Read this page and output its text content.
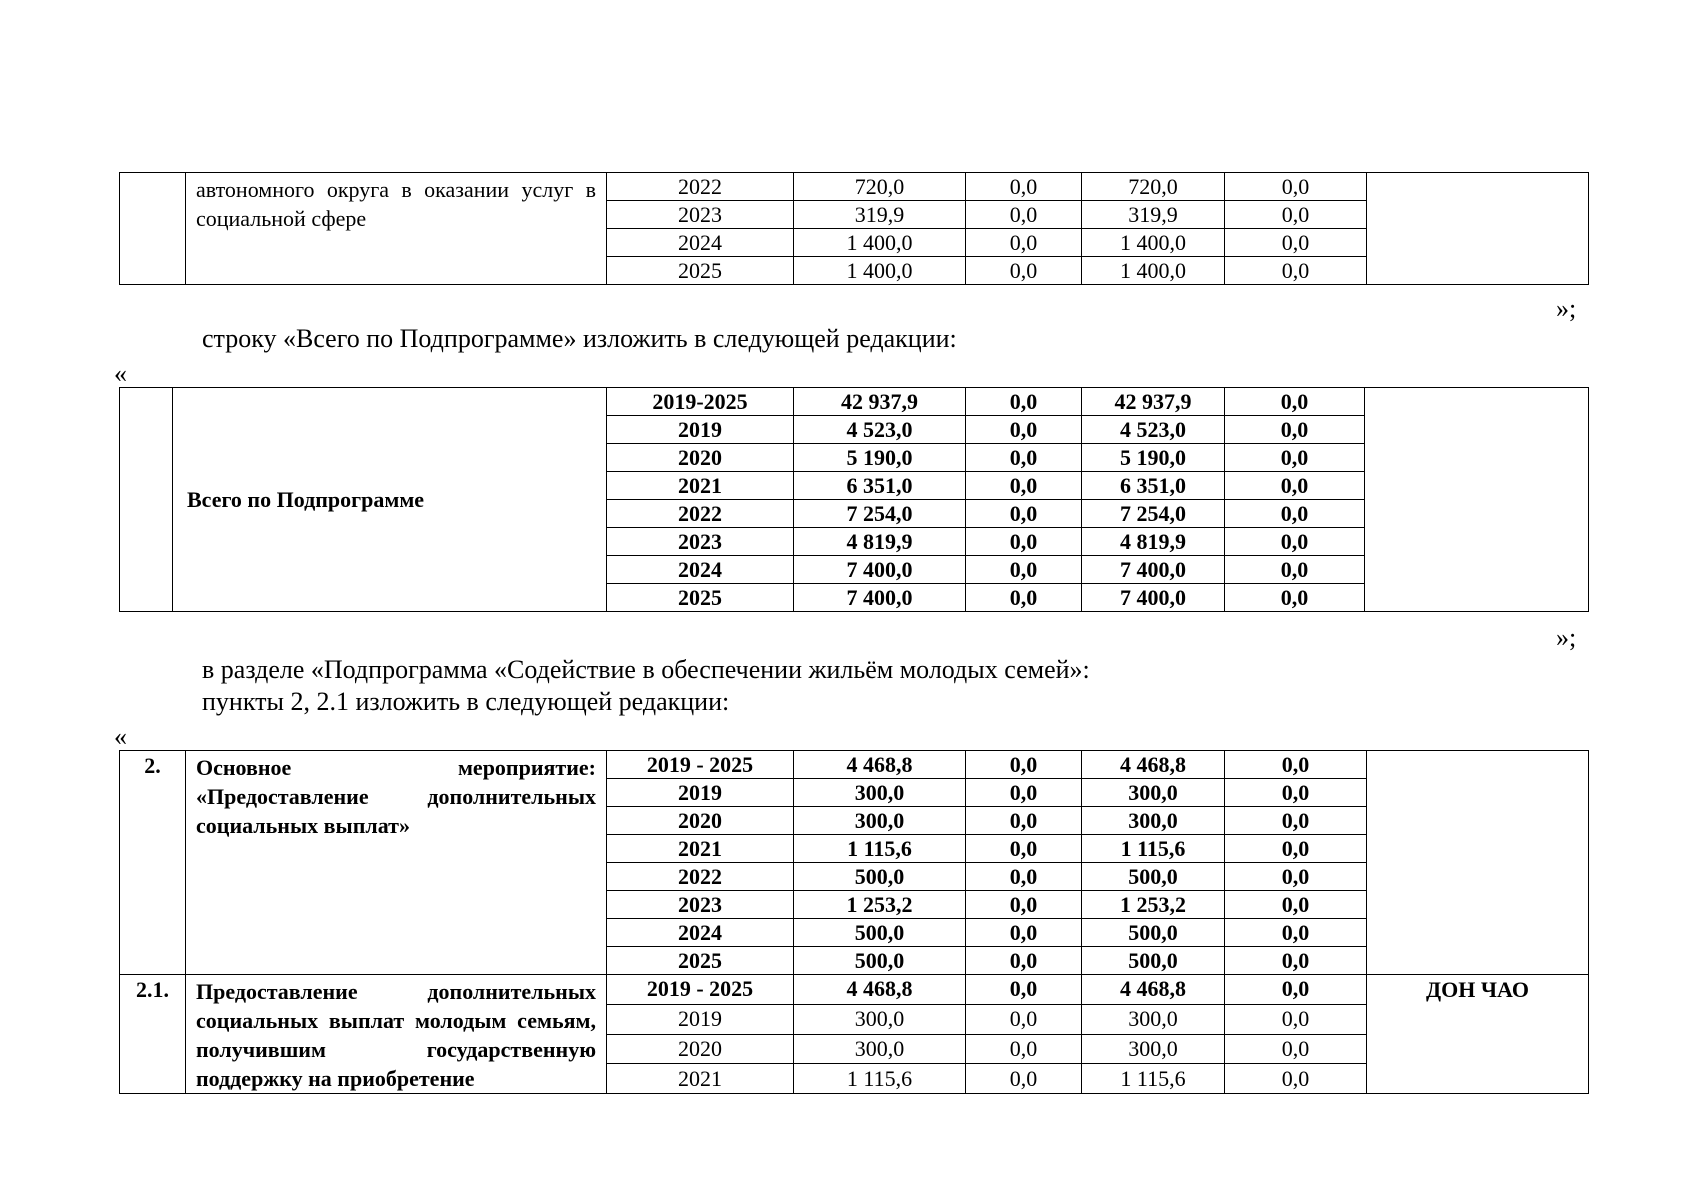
	автономного округа в оказании услуг в социальной сфере	2022	720,0	0,0	720,0	0,0	
		2023	319,9	0,0	319,9	0,0	
		2024	1 400,0	0,0	1 400,0	0,0	
		2025	1 400,0	0,0	1 400,0	0,0	
»;
строку «Всего по Подпрограмме» изложить в следующей редакции:
«
	Всего по Подпрограмме	2019-2025	42 937,9	0,0	42 937,9	0,0	
		2019	4 523,0	0,0	4 523,0	0,0	
		2020	5 190,0	0,0	5 190,0	0,0	
		2021	6 351,0	0,0	6 351,0	0,0	
		2022	7 254,0	0,0	7 254,0	0,0	
		2023	4 819,9	0,0	4 819,9	0,0	
		2024	7 400,0	0,0	7 400,0	0,0	
		2025	7 400,0	0,0	7 400,0	0,0	
»;
в разделе «Подпрограмма «Содействие в обеспечении жильём молодых семей»:
пункты 2, 2.1 изложить в следующей редакции:
«
2.	Основное мероприятие: «Предоставление дополнительных социальных выплат»	2019 - 2025	4 468,8	0,0	4 468,8	0,0	
		2019	300,0	0,0	300,0	0,0	
		2020	300,0	0,0	300,0	0,0	
		2021	1 115,6	0,0	1 115,6	0,0	
		2022	500,0	0,0	500,0	0,0	
		2023	1 253,2	0,0	1 253,2	0,0	
		2024	500,0	0,0	500,0	0,0	
		2025	500,0	0,0	500,0	0,0	
2.1.	Предоставление дополнительных социальных выплат молодым семьям, получившим государственную поддержку на приобретение	2019 - 2025	4 468,8	0,0	4 468,8	0,0	ДОН ЧАО
		2019	300,0	0,0	300,0	0,0	
		2020	300,0	0,0	300,0	0,0	
		2021	1 115,6	0,0	1 115,6	0,0	
